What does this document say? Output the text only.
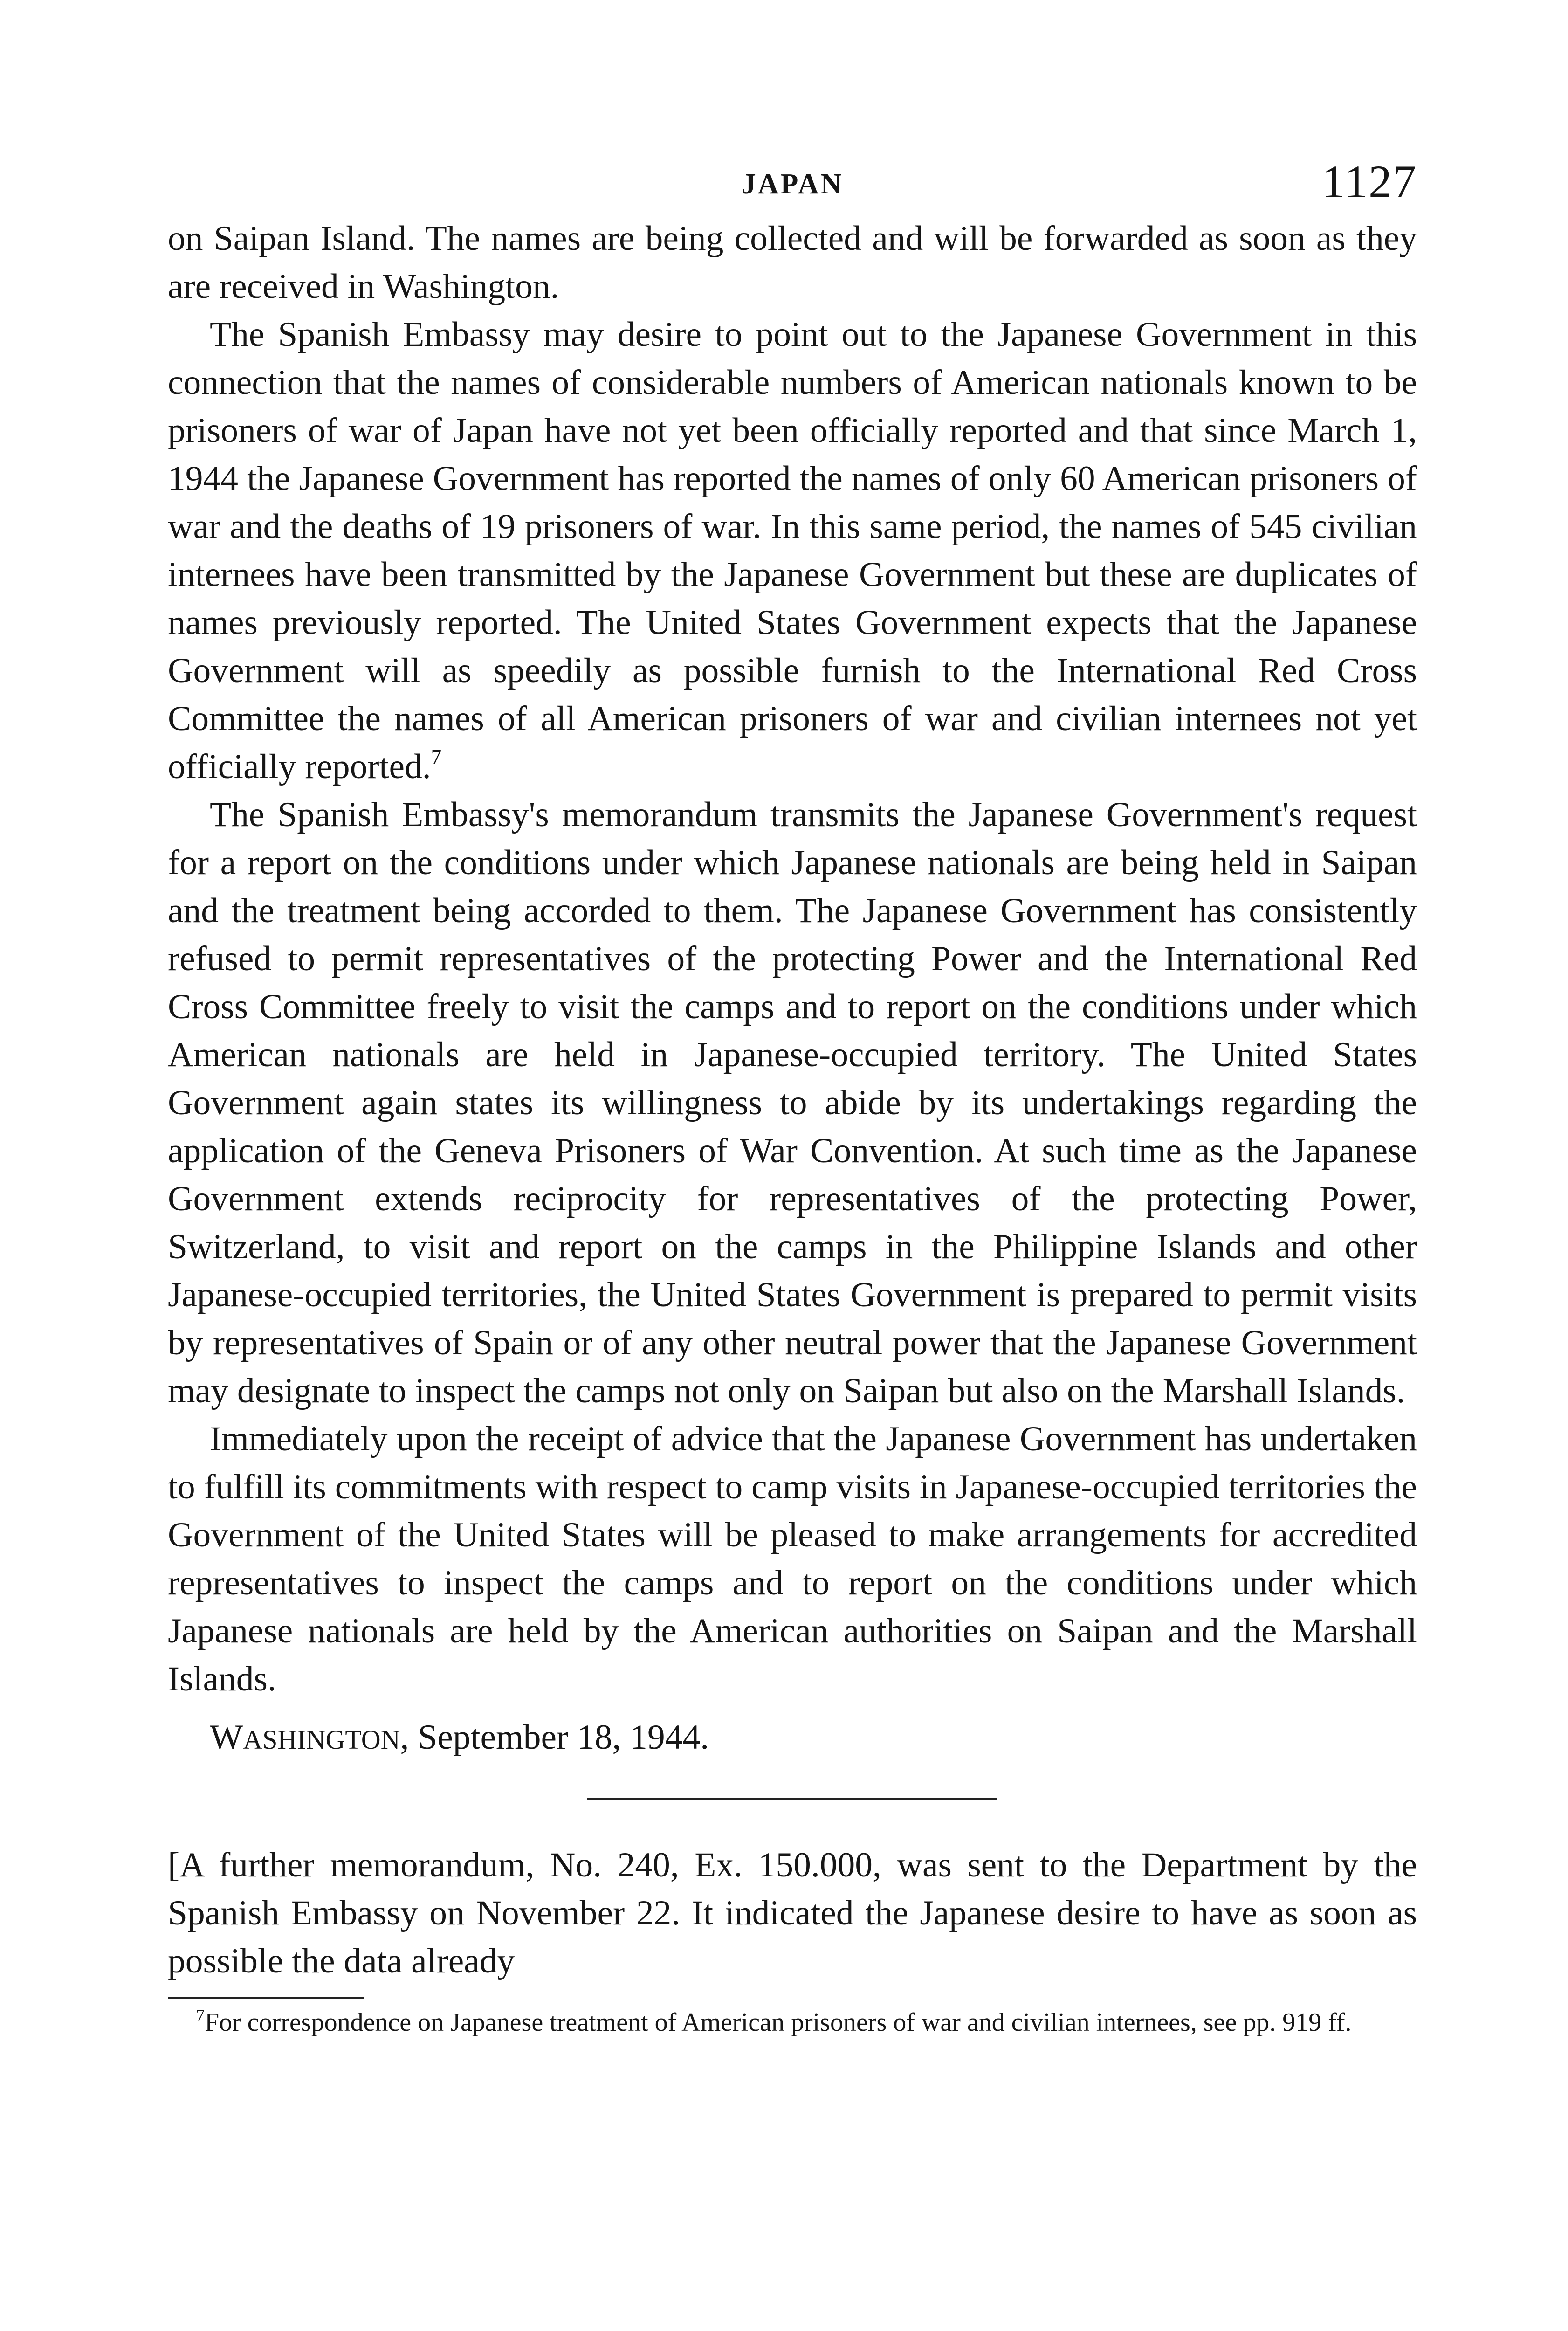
JAPAN	1127

on Saipan Island. The names are being collected and will be forwarded as soon as they are received in Washington.

The Spanish Embassy may desire to point out to the Japanese Government in this connection that the names of considerable numbers of American nationals known to be prisoners of war of Japan have not yet been officially reported and that since March 1, 1944 the Japanese Government has reported the names of only 60 American prisoners of war and the deaths of 19 prisoners of war. In this same period, the names of 545 civilian internees have been transmitted by the Japanese Government but these are duplicates of names previously reported. The United States Government expects that the Japanese Government will as speedily as possible furnish to the International Red Cross Committee the names of all American prisoners of war and civilian internees not yet officially reported.$^7$

The Spanish Embassy's memorandum transmits the Japanese Government's request for a report on the conditions under which Japanese nationals are being held in Saipan and the treatment being accorded to them. The Japanese Government has consistently refused to permit representatives of the protecting Power and the International Red Cross Committee freely to visit the camps and to report on the conditions under which American nationals are held in Japanese-occupied territory. The United States Government again states its willingness to abide by its undertakings regarding the application of the Geneva Prisoners of War Convention. At such time as the Japanese Government extends reciprocity for representatives of the protecting Power, Switzerland, to visit and report on the camps in the Philippine Islands and other Japanese-occupied territories, the United States Government is prepared to permit visits by representatives of Spain or of any other neutral power that the Japanese Government may designate to inspect the camps not only on Saipan but also on the Marshall Islands.

Immediately upon the receipt of advice that the Japanese Government has undertaken to fulfill its commitments with respect to camp visits in Japanese-occupied territories the Government of the United States will be pleased to make arrangements for accredited representatives to inspect the camps and to report on the conditions under which Japanese nationals are held by the American authorities on Saipan and the Marshall Islands.

WASHINGTON, September 18, 1944.

[A further memorandum, No. 240, Ex. 150.000, was sent to the Department by the Spanish Embassy on November 22. It indicated the Japanese desire to have as soon as possible the data already

$^7$For correspondence on Japanese treatment of American prisoners of war and civilian internees, see pp. 919 ff.
